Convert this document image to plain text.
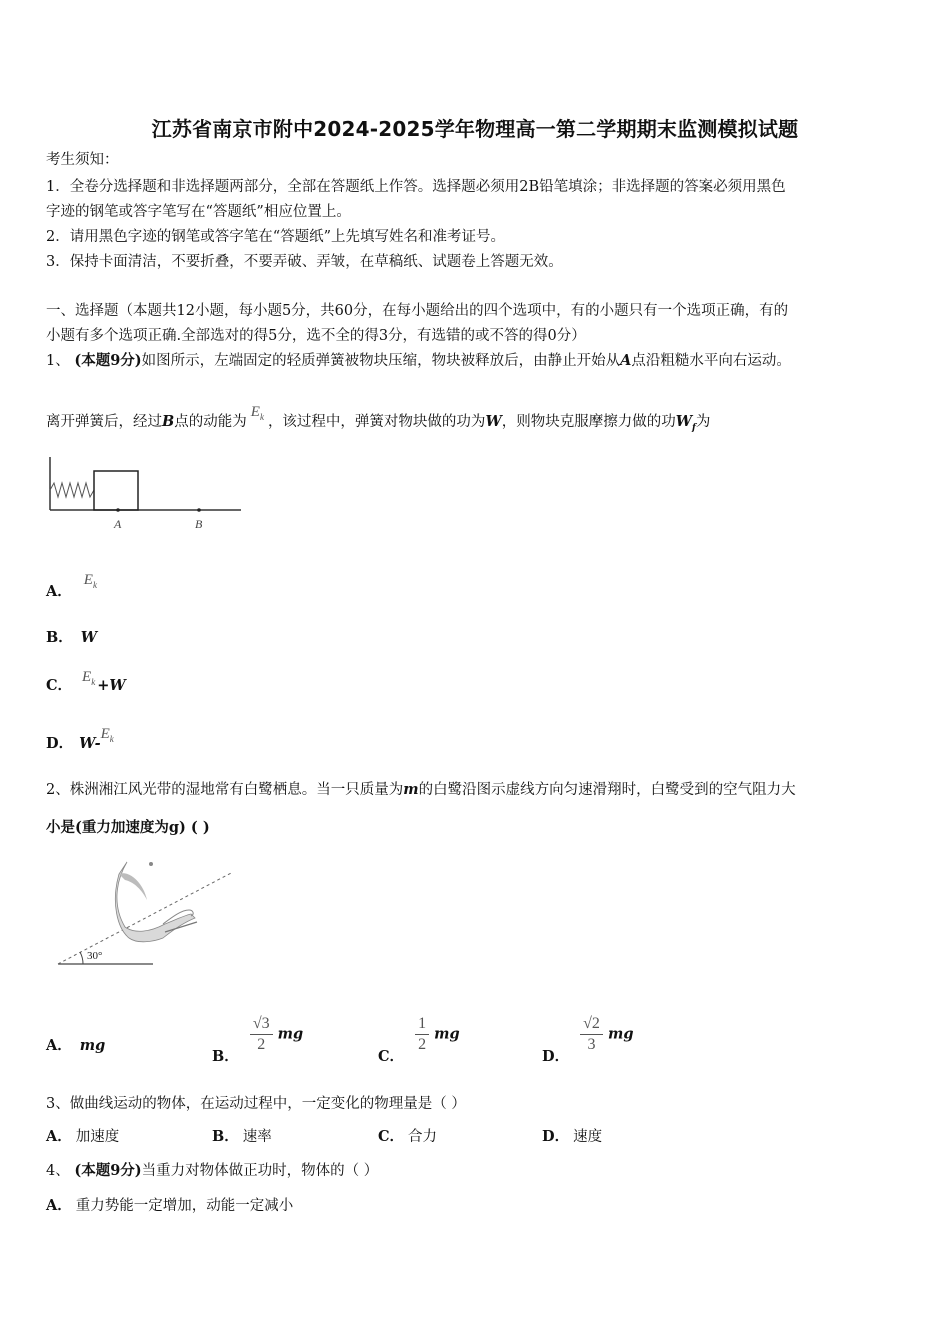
江苏省南京市附中2024-2025学年物理高一第二学期期末监测模拟试题
考生须知：
1．全卷分选择题和非选择题两部分，全部在答题纸上作答。选择题必须用2B铅笔填涂；非选择题的答案必须用黑色
字迹的钢笔或答字笔写在“答题纸”相应位置上。
2．请用黑色字迹的钢笔或答字笔在“答题纸”上先填写姓名和准考证号。
3．保持卡面清洁，不要折叠，不要弄破、弄皱，在草稿纸、试题卷上答题无效。
一、选择题（本题共12小题，每小题5分，共60分，在每小题给出的四个选项中，有的小题只有一个选项正确，有的
小题有多个选项正确.全部选对的得5分，选不全的得3分，有选错的或不答的得0分）
1、 (本题9分)如图所示，左端固定的轻质弹簧被物块压缩，物块被释放后，由静止开始从A点沿粗糙水平向右运动。
离开弹簧后，经过B点的动能为$E_k$ ，该过程中，弹簧对物块做的功为W，则物块克服摩擦力做的功$W_f$为
A	B
A．$E_k$
B． W
C． $E_k +W$
D． $W-E_k$
2、株洲湘江风光带的湿地常有白鹭栖息。当一只质量为m的白鹭沿图示虚线方向匀速滑翔时，白鹭受到的空气阻力大
小是(重力加速度为g) ( )
30°
A． mg
B．
$\frac{√3}{2}$ mg
C．
$\frac{1}{2}$ mg
D．
$\frac{√2}{3}$ mg
3、做曲线运动的物体，在运动过程中，一定变化的物理量是（ ）
A． 加速度	B． 速率	C． 合力	D． 速度
4、 (本题9分)当重力对物体做正功时，物体的（ ）
A． 重力势能一定增加，动能一定减小
